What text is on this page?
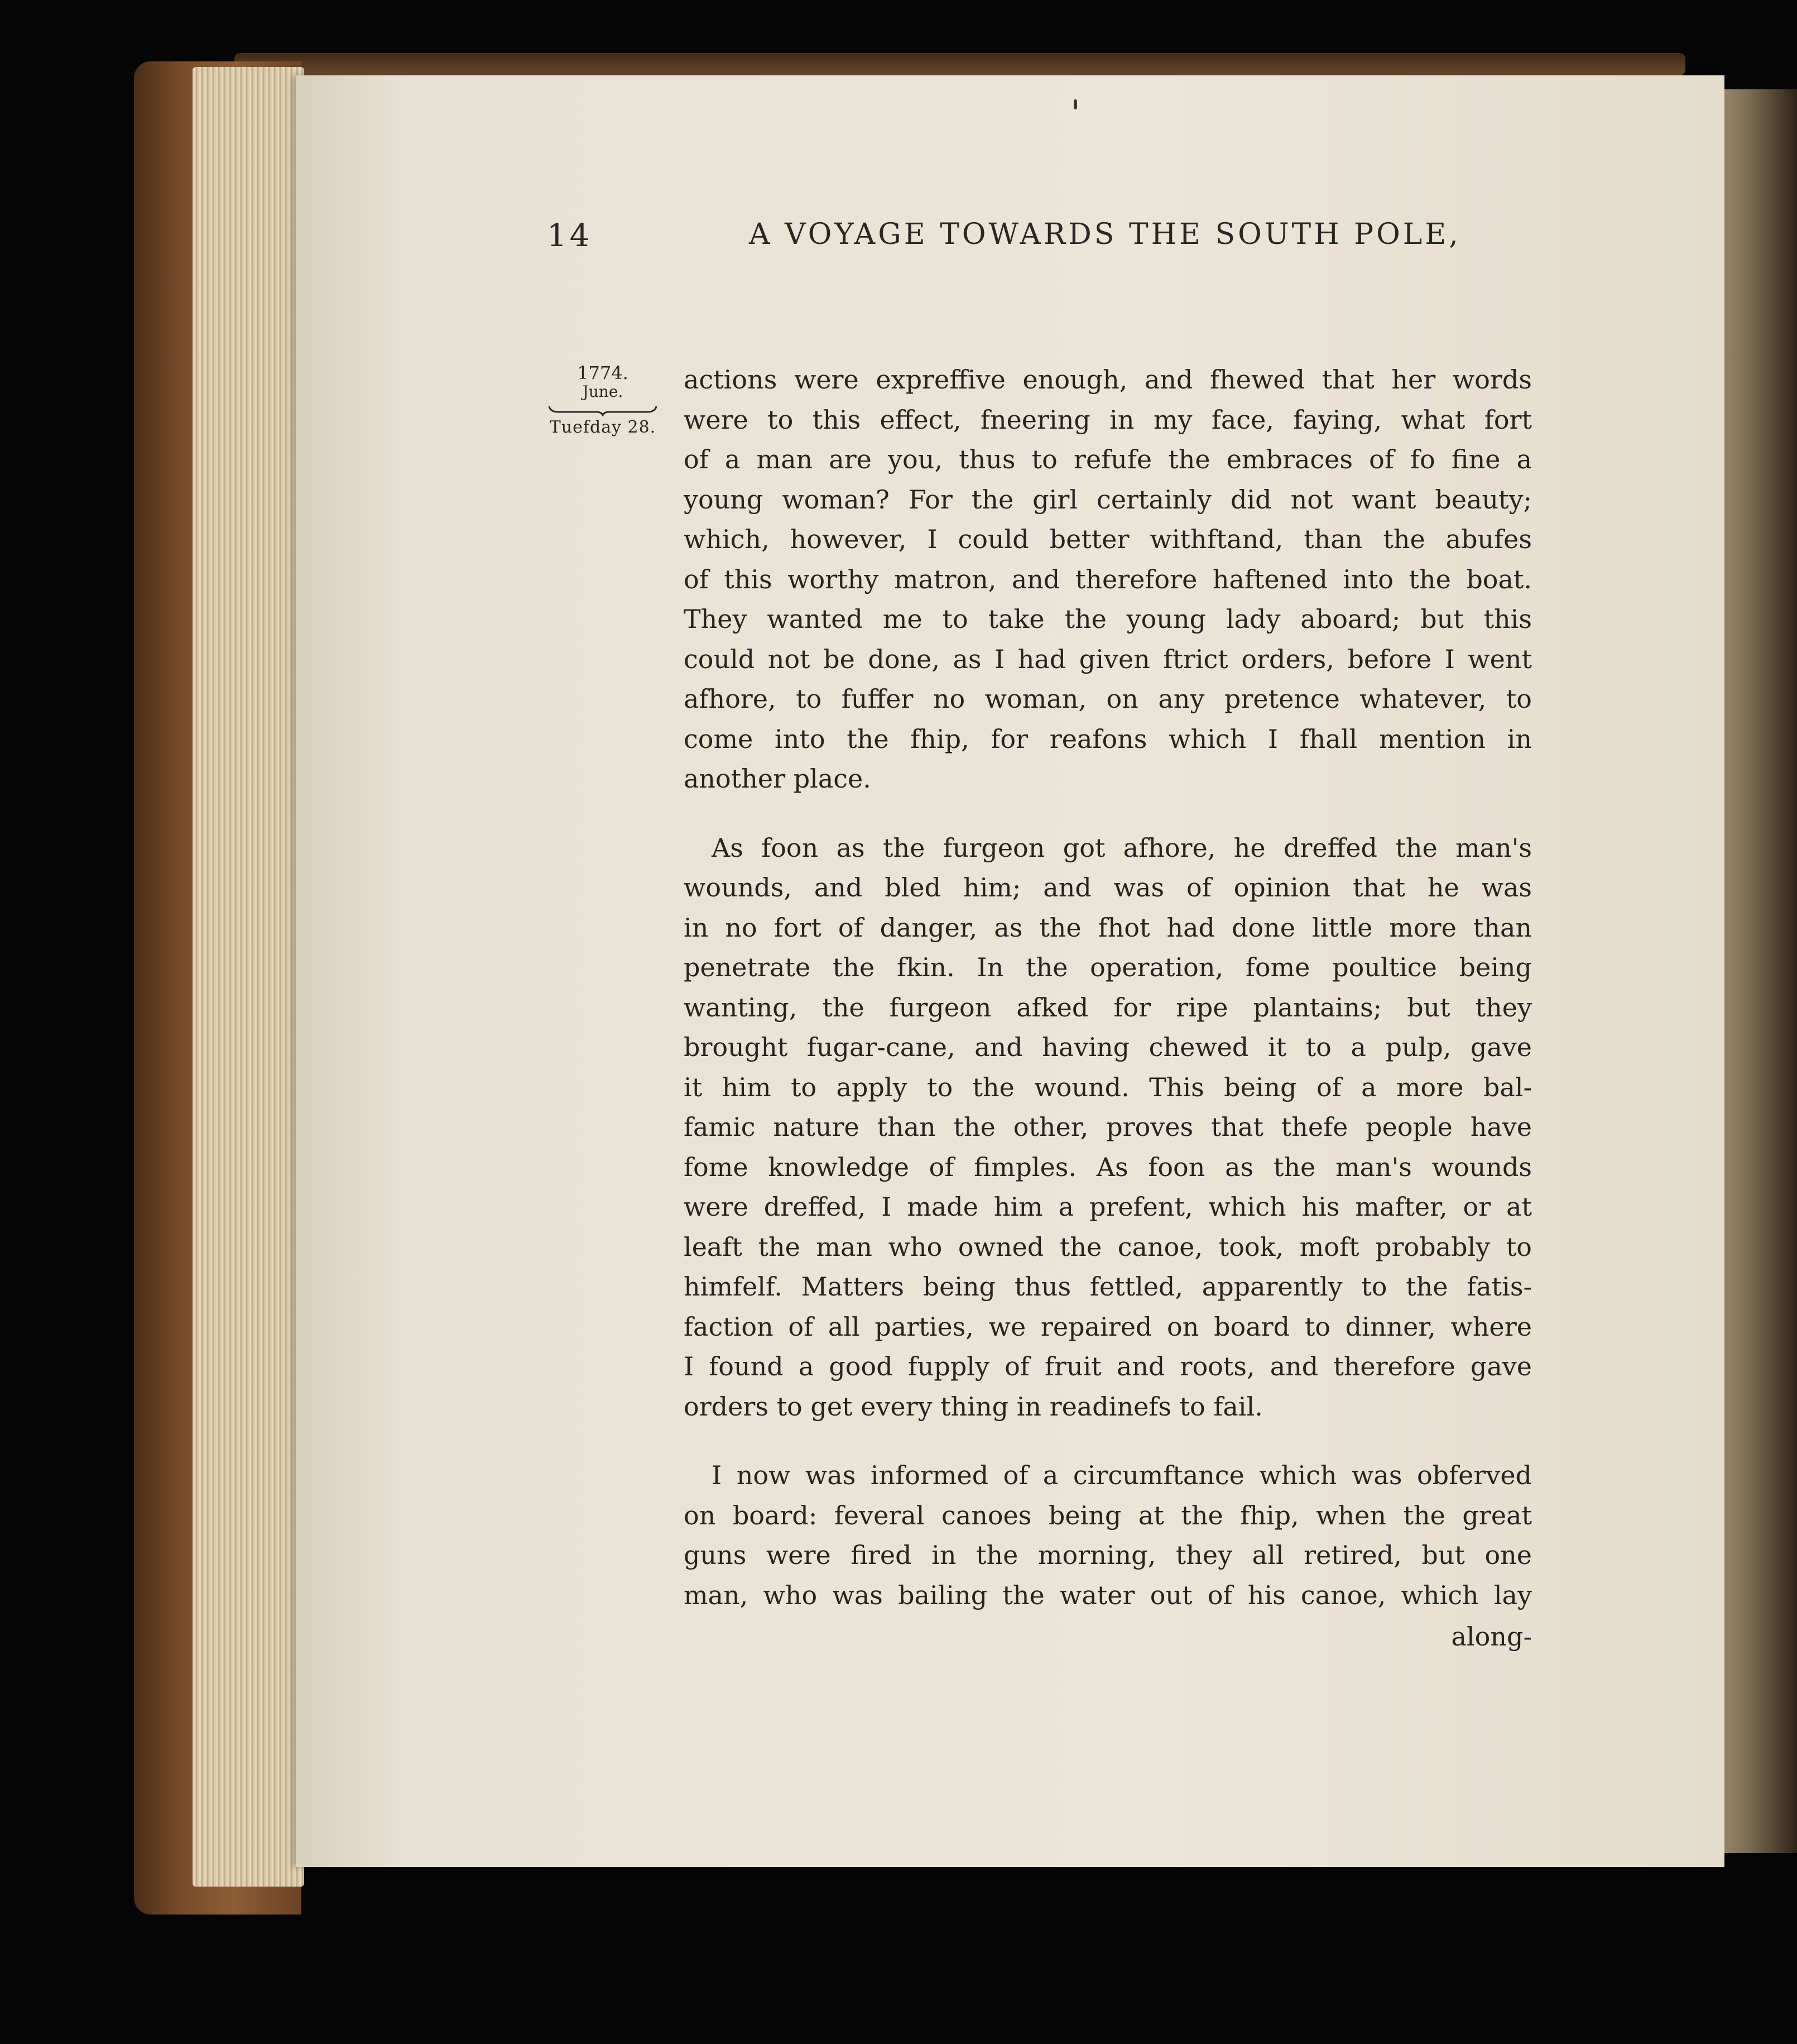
14	A VOYAGE TOWARDS THE SOUTH POLE,
1774.
June.
Tuefday 28.

actions were expreffive enough, and fhewed that her words
were to this effect, fneering in my face, faying, what fort
of a man are you, thus to refufe the embraces of fo fine a
young woman? For the girl certainly did not want beauty;
which, however, I could better withftand, than the abufes
of this worthy matron, and therefore haftened into the boat.
They wanted me to take the young lady aboard; but this
could not be done, as I had given ftrict orders, before I went
afhore, to fuffer no woman, on any pretence whatever, to
come into the fhip, for reafons which I fhall mention in
another place.

As foon as the furgeon got afhore, he dreffed the man's
wounds, and bled him; and was of opinion that he was
in no fort of danger, as the fhot had done little more than
penetrate the fkin. In the operation, fome poultice being
wanting, the furgeon afked for ripe plantains; but they
brought fugar-cane, and having chewed it to a pulp, gave
it him to apply to the wound. This being of a more bal-
famic nature than the other, proves that thefe people have
fome knowledge of fimples. As foon as the man's wounds
were dreffed, I made him a prefent, which his mafter, or at
leaft the man who owned the canoe, took, moft probably to
himfelf. Matters being thus fettled, apparently to the fatis-
faction of all parties, we repaired on board to dinner, where
I found a good fupply of fruit and roots, and therefore gave
orders to get every thing in readinefs to fail.

I now was informed of a circumftance which was obferved
on board: feveral canoes being at the fhip, when the great
guns were fired in the morning, they all retired, but one
man, who was bailing the water out of his canoe, which lay

along-
